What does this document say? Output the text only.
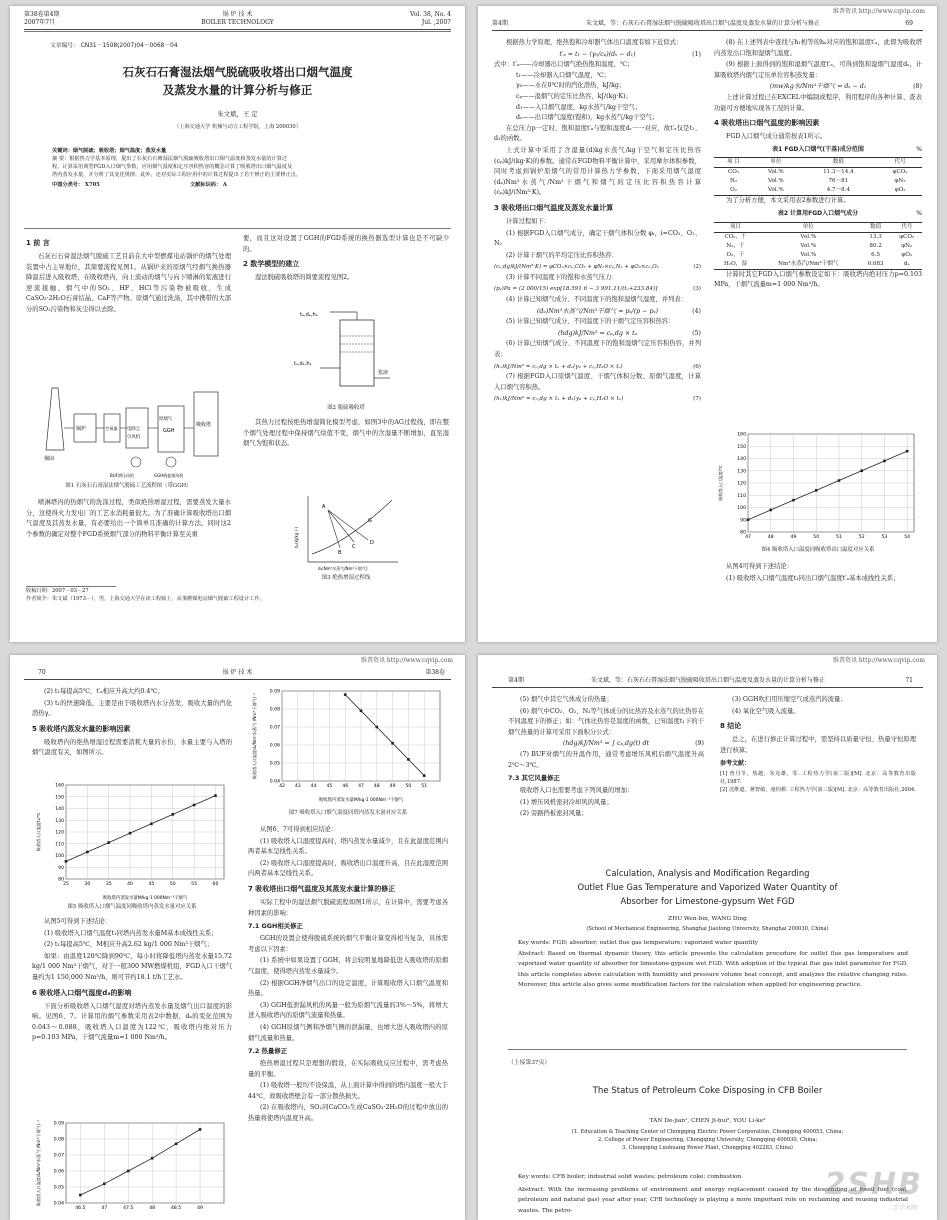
第38卷第4期
2007年7月
锅 炉 技 术
BOILER TECHNOLOGY
Vol. 38, No. 4
Jul. ,2007
文章编号： CN31－1508(2007)04－0068－04
石灰石石膏湿法烟气脱硫吸收塔出口烟气温度
及蒸发水量的计算分析与修正
朱文斌，王 定
（上海交通大学 机械与动力工程学院，上海 200030）
关键词：烟气脱硫；吸收塔；烟气温度；蒸发水量
摘 要：根据热力学基本原理，提出了石灰石石膏湿法烟气脱硫吸收塔出口烟气温度和蒸发水量的计算过
程。计算采用典型FGD入口烟气参数，应用烟气湿度和定压容积热容的概念计算了吸收塔出口烟气温度及
塔内蒸发水量，并分析了其变化规律。此外，还对实际工程应用中的计算过程提出了若干修正的主要修正点。
中图分类号： X705	文献标识码： A
1 前 言

石灰石石膏湿法烟气脱硫工艺目前在大中型燃煤电站锅炉的烟气处理装置中占主导地位，其简要流程见图1。从锅炉来的原烟气经烟气换热器降温后进入吸收塔，在吸收塔内，向上流动的烟气与向下喷淋的浆液进行逆流接触，烟气中的SO₂、HF、HCl等污染物被吸收，生成CaSO₃·2H₂O石膏结晶、CaF等产物。原烟气通过洗涤，其中携带的大部分的SO₂污染物和灰尘得以去除。

锅炉	空预器 电除尘
引风机
原烟气
GGH
吸收塔
BUF增压风机	GGH脱盐排风机
烟囱
图1 石灰石石膏湿法烟气脱硫工艺流程图（带GGH）

喷淋塔内的热烟气的洗涤过程，类似绝热增湿过程，需要蒸发大量水分，这使得火力发电厂的工艺水消耗量很大。为了准确计算吸收塔出口烟气温度及其蒸发水量，有必要给出一个简单且准确的计算方法。同时这2个参数的确定对整个FGD系统烟气部分的物料平衡计算至关重

要，而且这对设置了GGH的FGD系统的换热器选型计算也是不可缺少的。

2 数学模型的建立

湿法脱硫吸收塔的简要流程见图2。

tₑ,dₑ,hₑ
t₁,d₁,h₁
浆液
图2 脱硫吸收塔

其热力过程按绝热增湿简化模型考虑，如图3中的AG过程线，即在整个烟气处理过程中保持烟气焓值不变，烟气中的含湿量不断增加，直至湿烟气为饱和状态。

A
B
C
D
G
dₐ(Nm³水蒸气/Nm³干烟气)
hₐ(kJ/kg干)
图3 绝热增湿过程线
收稿日期：2007－03－27
作者简介：朱文斌（1973－），男，上海交通大学在读工程硕士，从事燃煤电站烟气脱硫工程设计工作。
维普资讯 http://www.cqvip.com
第4期	朱文斌，等：石灰石石膏湿法烟气脱硫吸收塔出口烟气温度及蒸发水量的计算分析与修正	69

根据热力学原理，绝热饱和冷却器气体出口温度有如下近似式：

t′ₐ = t₁ − (γ₀/cₚ)(dₛ − d₁)	(1)
式中：t′ₐ——冷却器出口烟气绝热饱和温度，℃；
t₁——冷却器入口烟气温度，℃；
γ₀——水在0℃时的汽化潜热，kJ/kg；
cₚ——湿烟气的定压比热容，kJ/(kg·K)；
d₁——入口烟气湿度，kg水蒸气/kg干空气；
dₛ——出口烟气湿度(饱和)，kg水蒸气/kg干空气；

在总压力p一定时，饱和温度t′ₐ与饱和湿度dₛ一一对应，故t′ₐ仅是t₁、d₁的函数。

上式计算中采用了含湿量(d)kg水蒸气/kg干空气和定压比热容(cₚ)kJ/(kg·K)的参数。通常在FGD物料平衡计算中，采用摩尔体积参数，同时考虑到锅炉原烟气的常用计算热力学参数，下面采用烟气湿度(dₐ)Nm³水蒸气/Nm³干烟气和烟气的定压比容积热容计算(cₚ)kJ/(Nm³·K)。

3 吸收塔出口烟气温度及蒸发水量计算

计算过程如下：

(1) 根据FGD入口烟气成分，确定干烟气体积分数 φᵢ，i=CO₂、O₂、N₂

(2) 计算干烟气的平均定压比容积热容：

(cₚ,dg)kJ/(Nm³·K) = φCO₂×cₚ,CO₂ + φN₂×cₚ,N₂ + φO₂×cₚ,O₂	(2)

(3) 计算不同温度下的饱和水蒸气压力：

(pₛ)Pa = (2 000/15) exp[18.591 6 − 3 991.11/(tₐ+233.84)]	(3)

(4) 计算已知烟气成分、不同温度下的饱和湿烟气湿度，并列表：

(dₐ)Nm³水蒸气/Nm³干烟气 = pₛ/(p − pₛ)	(4)

(5) 计算已知烟气成分、不同温度下的干烟气定压容积热容：

(hdg)kJ/Nm³ = cₚ,dg × tₐ	(5)

(6) 计算已知烟气成分、不同温度下的饱和湿烟气定压容积热容，并列表：

(hₐ)kJ/Nm³ = cₚ,dg × tₐ + dₐ(γ₀ + cₚ,H₂O × tₐ)	(6)

(7) 根据FGD入口原烟气温度、干烟气体积分数、原烟气湿度，计算入口烟气容积热。

(h₁)kJ/Nm³ = cₚ,dg × t₁ + d₁(γ₀ + cₚ,H₂O × t₁)	(7)

(8) 在上述列表中查找与h₁相等的hₐ对应的饱和温度t′ₐ，此即为吸收塔内蒸发出口饱和湿烟气温度。

(9) 根据上面得到的饱和湿烟气温度t′ₐ，可得到饱和湿烟气湿度dₛ，计算吸收塔内烟气定压单位容积蒸发量：

(mw)kg水/Nm³干烟气 = dₛ − d₁	(8)

上述计算过程已在EXCEL中编制成程序，利用程序的各种计算、查表功能可方便地实现各工况的计算。

4 吸收塔出口烟气温度的影响因素

FGD入口烟气成分通常按表1所示。

表1 FGD入口烟气(干基)成分范围	%
项 目	单位	数值	代号
CO₂	Vol.%	11.3～14.4	φCO₂
N₂	Vol.%	76～81	φN₂
O₂	Vol.%	4.7～8.4	φO₂

为了分析方便，本文采用表2参数进行计算。

表2 计算用FGD入口烟气成分	%
项目	单位	数值	代号
CO₂，干	Vol.%	13.3	φCO₂
N₂，干	Vol.%	80.2	φN₂
O₂，干	Vol.%	6.5	φO₂
H₂O，湿	Nm³水蒸汽/Nm³干烟气	0.083	dₐ

计算时其它FGD入口烟气参数设定如下：吸收塔内绝对压力p=0.103 MPa，干烟气流量m=1 000 Nm³/h。

80
90
100
110
120
130
140
150
160
47	48	49	50	51	52	53	54
吸收塔入口温度/℃
图4 吸收塔入口温度同吸收塔出口温度对应关系

从图4可得到下述结论：

(1) 吸收塔入口烟气温度t₁同出口烟气温度t′ₐ基本成线性关系；

维普资讯 http://www.cqvip.com
70	锅 炉 技 术	第38卷

(2) t₁每提高5℃，t′ₐ相应升高大约0.4℃；

(3) t₁的快速降低，主要是由于吸收塔内水分蒸发，吸收大量的汽化潜热γ。

5 吸收塔内蒸发水量的影响因素

吸收塔内的绝热增湿过程需要消耗大量的水份，水量主要与入塔的烟气温度有关，如图所示。

80
90
100
110
120
130
140
150
160
25	30	35	40	45	50	55	60
吸收塔内蒸发水量M/kg·1 000Nm⁻³干烟气
吸收塔入口温度t₁/℃
图5 吸收塔入口烟气温度同吸收塔内蒸发水量对应关系

从图5可得到下述结论：

(1) 吸收塔入口烟气温度t₁同塔内蒸发水量M基本成线性关系；

(2) t₁每提高5℃，M相应升高2.62 kg/1 000 Nm³干烟气；

如果：由温度120℃降到90℃，每小时将降低塔内蒸发水量15.72 kg/1 000 Nm³干烟气，对于一般300 MW燃煤机组，FGD入口干烟气量约为1 150,000 Nm³/h，则可节约18.1 t/h工艺水。

6 吸收塔入口烟气湿度dₐ的影响

下面分析吸收塔入口烟气湿度对塔内蒸发水量及烟气出口温度的影响。见图6、7。计算用的烟气参数采用表2中数据，dₐ的变化范围为0.043～0.088，吸收塔入口温度为122℃，吸收塔内绝对压力p=0.103 MPa，干烟气流量m=1 000 Nm³/h。

0.04
0.05
0.06
0.07
0.08
0.09
46.5	47	47.5	48	48.5	49
吸收塔入口湿度dₐ/Nm³水蒸气·(Nm³干烟气)⁻¹
0.04
0.05
0.06
0.07
0.08
0.09
42 43 44 45 46 47 48 49 50 51
吸收塔内蒸发水量M/kg·1 000Nm⁻³干烟气
吸收塔入口湿度dₐ/Nm³水蒸气·(Nm³干烟气)⁻¹
图7 吸收塔入口烟气湿度同塔内蒸发水量对应关系

从图6、7可得到相应结论：

(1) 吸收塔入口湿度提高时，塔内蒸发水量减少，且在此湿度范围内两者基本呈线性关系。

(2) 吸收塔入口湿度提高时，吸收塔出口温度升高，且在此湿度范围内两者基本呈线性关系。

7 吸收塔出口烟气温度及其蒸发水量计算的修正

实际工程中的湿法烟气脱硫流程如图1所示，在计算中，需要考虑各种因素的影响：

7.1 GGH相关修正

GGH的设置会使得脱硫系统的烟气平衡计算变得相当复杂，具体需考虑以下因素：

(1) 系统中如果设置了GGH，将会较明显地降低进入吸收塔的原烟气温度，使得塔内蒸发水量减少。

(2) 根据GGH净烟气出口的设定温度，计算吸收塔入口烟气温度和热量。

(3) GGH低泄漏风机的风量一般为原烟气流量的3%～5%，将增大进入吸收塔内的原烟气流量和热量。

(4) GGH原烟气侧和净烟气侧的泄漏量，也增大进入吸收塔内的原烟气流量和热量。

7.2 热量修正

绝热增湿过程只是理想的假设，在实际吸收反应过程中，需考虑热量的平衡。

(1) 吸收塔一般均不设保温，从上面计算中得到的塔内温度一般大于44℃，故吸收塔壁会有一部分散热损失。

(2) 在吸收塔内，SO₂同CaCO₃生成CaSO₃·2H₂O的过程中放出的热量将使塔内温度升高。

维普资讯 http://www.cqvip.com
第4期	朱文斌，等：石灰石石膏湿法烟气脱硫吸收塔出口烟气温度及蒸发水量的计算分析与修正	71

(5) 烟气中其它气体成分的热量；

(6) 烟气中CO₂、O₂、N₂等气体成分的比热容及水蒸气的比热容在不同温度下的修正；如：气体比热容是温度的函数，已知温度t₁下的干烟气热量的计算可采用下面积分公式：

(hdg)kJ/Nm³ = ∫ cₚ,dg(t) dt	(9)

(7) BUF对烟气的升温作用，通常考虑增压风机后烟气温度升高2℃～3℃。

7.3 其它风量修正

吸收塔入口也需要考虑下列风量的增加：

(1) 增压风机密封冷却风的风量；

(2) 旁路挡板密封风量；

(3) GGH吹扫用压缩空气或蒸汽的流量；

(4) 氧化空气吸入流量。

8 结论

总之，在进行修正计算过程中，需坚持以质量守恒、热量守恒原理进行核算。

参考文献：
[1] 曾丹苓，敖越，朱克雄，等. 工程热力学(第二版)[M]. 北京：高等教育出版社,1987.
[2] 沈维道，蒋智敏，童钧耕. 工程热力学(第三版)[M]. 北京：高等教育出版社,2004.
Calculation, Analysis and Modification Regarding
Outlet Flue Gas Temperature and Vaporized Water Quantity of
Absorber for Limestone-gypsum Wet FGD
ZHU Wen-bin, WANG Ding
(School of Mechanical Engineering, Shanghai Jiaotong University, Shanghai 200030, China)
Key words: FGD; absorber; outlet flue gas temperature; vaporized water quantity
Abstract: Based on thermal dynamic theory, this article presents the calculation procedure for outlet flue gas temperature and vaporized water quantity of absorber for limestone-gypsum wet FGD. With adoption of the typical flue gas inlet parameter for FGD, this article completes above calculation with humidity and pressure volume heat concept, and analyzes the relative changing rules. Moreover, this article also gives some modification factors for the calculation when applied for engineering practice.
（上接第37页）
The Status of Petroleum Coke Disposing in CFB Boiler
TAN De-jian¹, CHEN Ji-hui², YOU Li-ke³
(1. Education & Teaching Center of Chongqing Electric Power Corporation, Chongqing 400053, China;
2. College of Power Engineering, Chongqing University, Chongqing 400030, China;
3. Chongqing Luohuang Power Plant, Chongqing 402283, China)
Key words: CFB boiler; industrial solid wastes; petroleum coke; combustion
Abstract: With the increasing problems of environment and energy replacement caused by the descending of fossil fuel (coal, petroleum and natural gas) year after year, CFB technology is playing a more important role on reclaiming and reusing industrial wastes. The petro-
2SHB
二手学术网
